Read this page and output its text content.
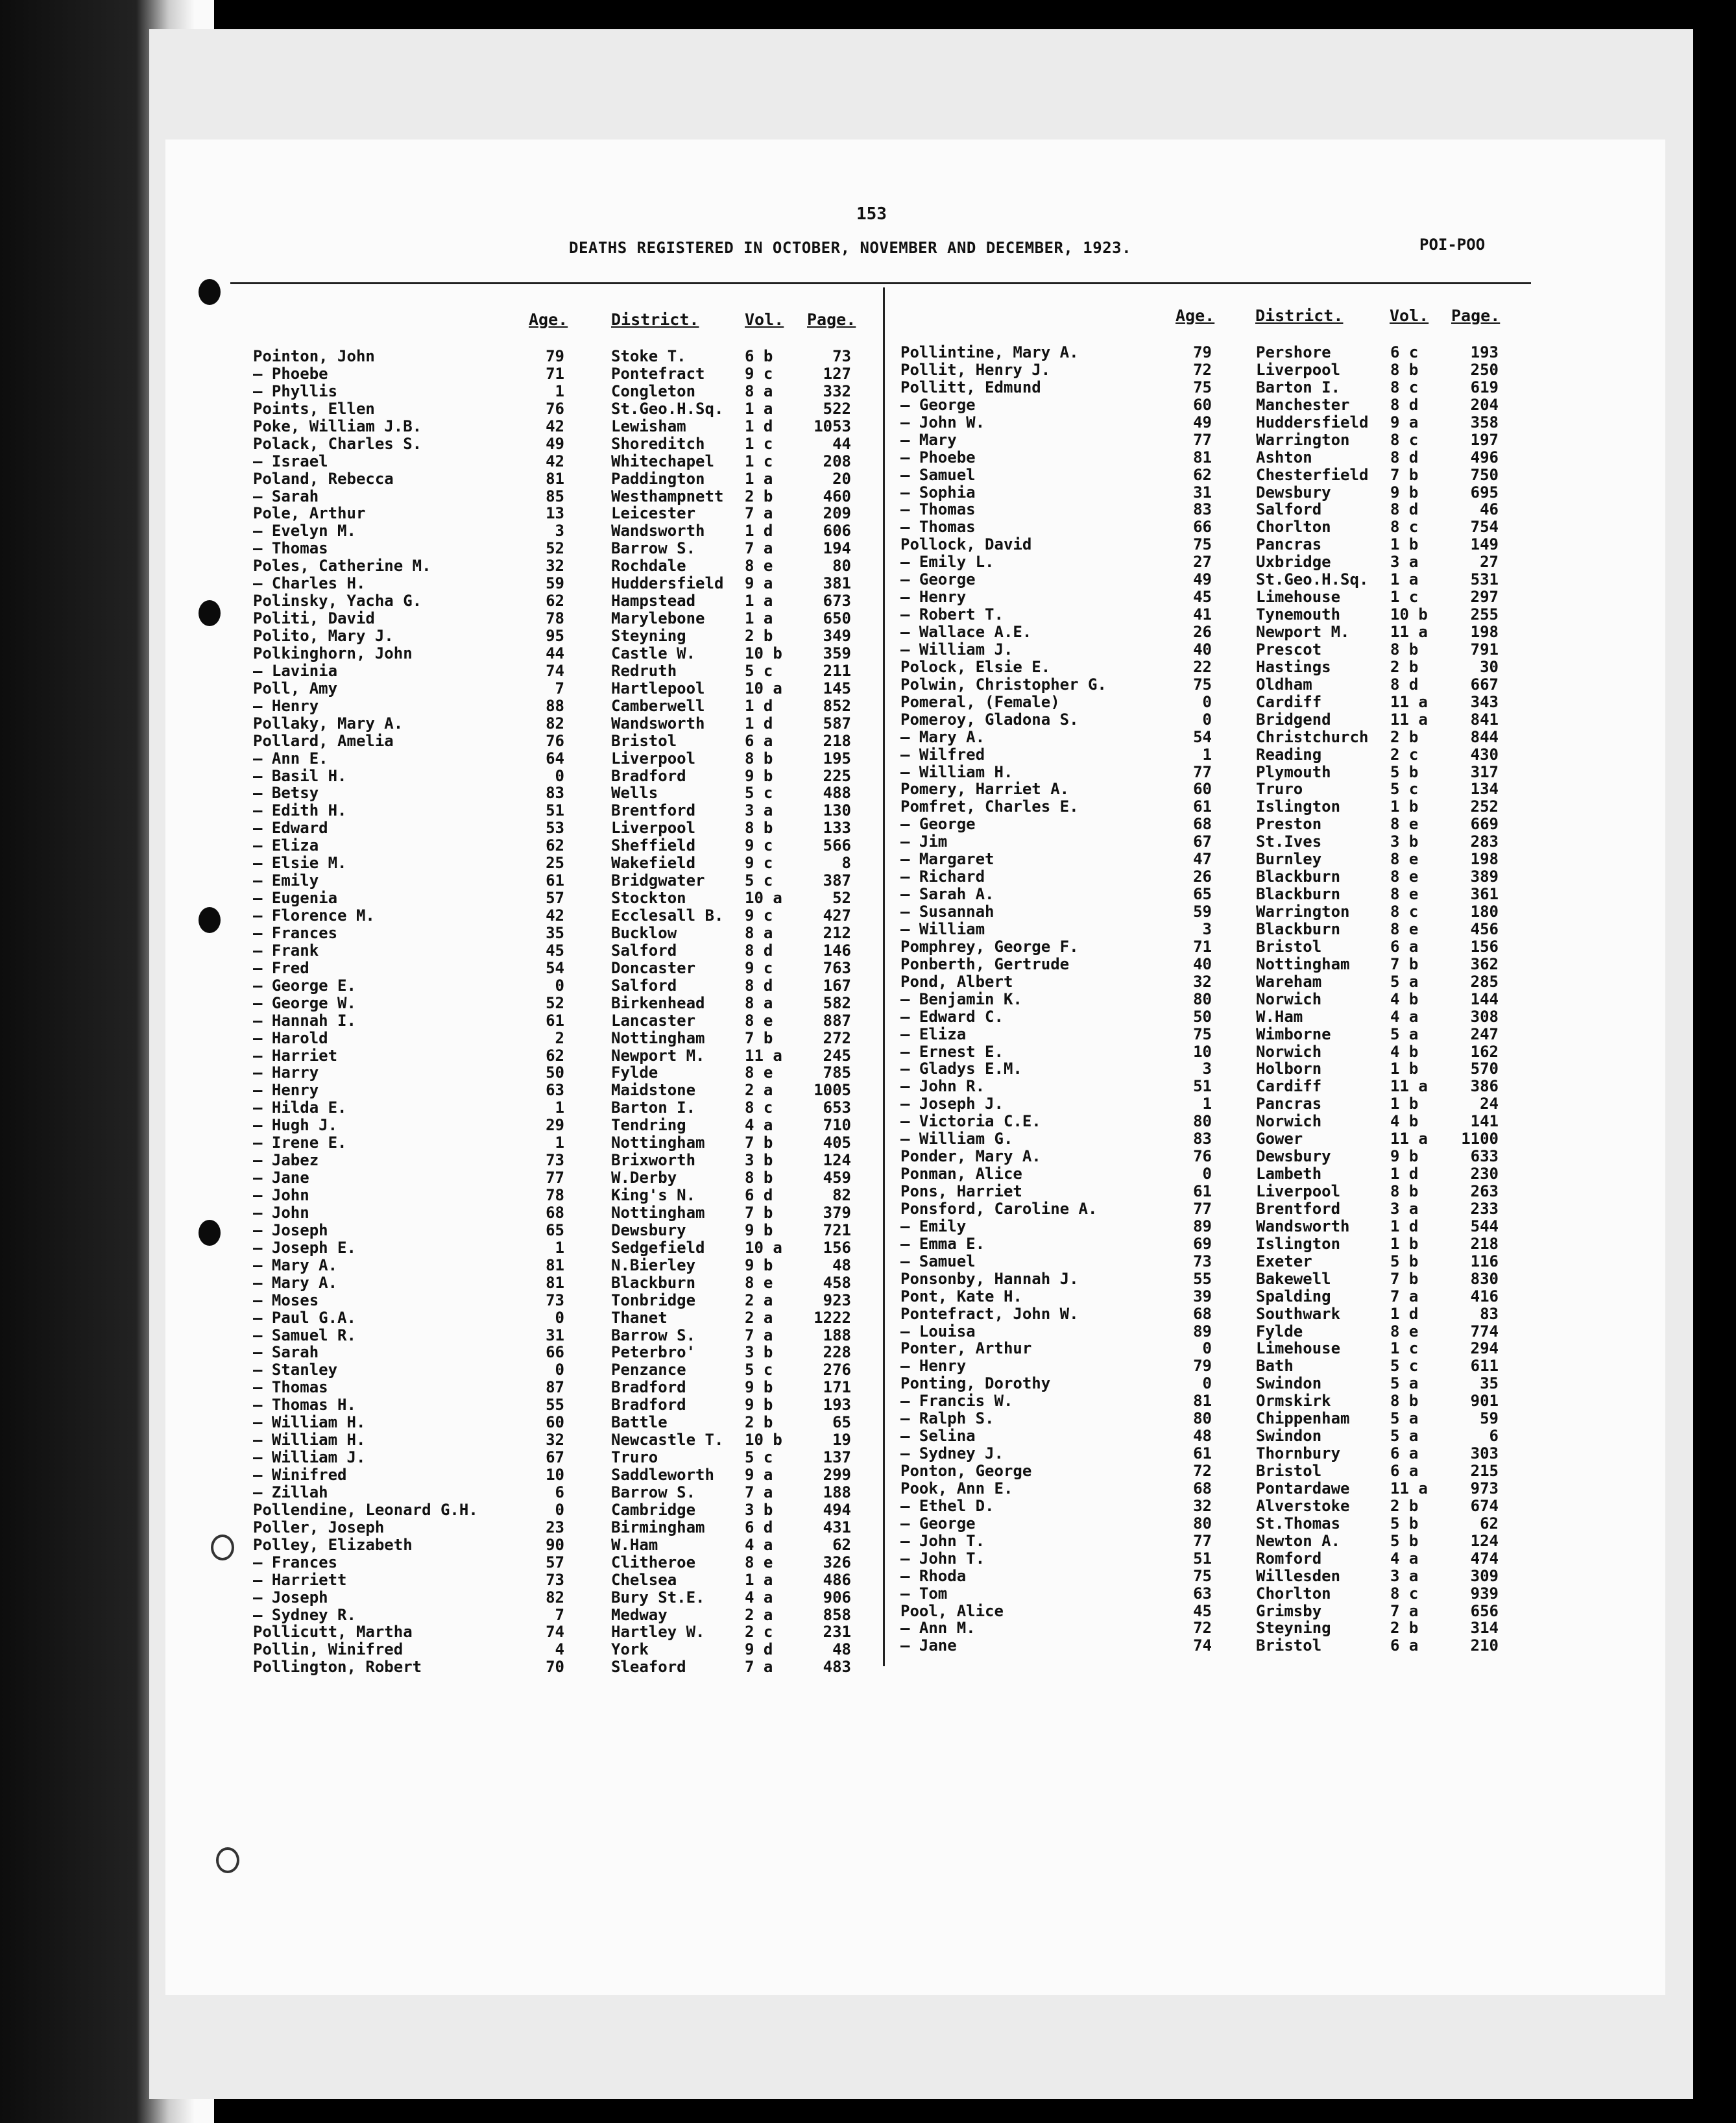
153
DEATHS REGISTERED IN OCTOBER, NOVEMBER AND DECEMBER, 1923.	POI-POO
Age.	District.	Vol. Page.	Age.	District.	Vol. Page.
Pointon, John	79	Stoke T.	6 b	73
— Phoebe	71	Pontefract	9 c	127
— Phyllis	1	Congleton	8 a	332
Points, Ellen	76	St.Geo.H.Sq. 1 a	522
Poke, William J.B.	42	Lewisham	1 d	1053
Polack, Charles S.	49	Shoreditch	1 c	44
— Israel	42	Whitechapel 1 c	208
Poland, Rebecca	81	Paddington	1 a	20
— Sarah	85	Westhampnett 2 b	460
Pole, Arthur	13	Leicester	7 a	209
— Evelyn M.	3	Wandsworth	1 d	606
— Thomas	52	Barrow S.	7 a	194
Poles, Catherine M.	32	Rochdale	8 e	80
— Charles H.	59	Huddersfield 9 a	381
Polinsky, Yacha G.	62	Hampstead	1 a	673
Politi, David	78	Marylebone	1 a	650
Polito, Mary J.	95	Steyning	2 b	349
Polkinghorn, John	44	Castle W.	10 b	359
— Lavinia	74	Redruth	5 c	211
Poll, Amy	7	Hartlepool	10 a	145
— Henry	88	Camberwell	1 d	852
Pollaky, Mary A.	82	Wandsworth	1 d	587
Pollard, Amelia	76	Bristol	6 a	218
— Ann E.	64	Liverpool	8 b	195
— Basil H.	0	Bradford	9 b	225
— Betsy	83	Wells	5 c	488
— Edith H.	51	Brentford	3 a	130
— Edward	53	Liverpool	8 b	133
— Eliza	62	Sheffield	9 c	566
— Elsie M.	25	Wakefield	9 c	8
— Emily	61	Bridgwater	5 c	387
— Eugenia	57	Stockton	10 a	52
— Florence M.	42	Ecclesall B. 9 c	427
— Frances	35	Bucklow	8 a	212
— Frank	45	Salford	8 d	146
— Fred	54	Doncaster	9 c	763
— George E.	0	Salford	8 d	167
— George W.	52	Birkenhead	8 a	582
— Hannah I.	61	Lancaster	8 e	887
— Harold	2	Nottingham	7 b	272
— Harriet	62	Newport M.	11 a	245
— Harry	50	Fylde	8 e	785
— Henry	63	Maidstone	2 a	1005
— Hilda E.	1	Barton I.	8 c	653
— Hugh J.	29	Tendring	4 a	710
— Irene E.	1	Nottingham	7 b	405
— Jabez	73	Brixworth	3 b	124
— Jane	77	W.Derby	8 b	459
— John	78	King's N.	6 d	82
— John	68	Nottingham	7 b	379
— Joseph	65	Dewsbury	9 b	721
— Joseph E.	1	Sedgefield	10 a	156
— Mary A.	81	N.Bierley	9 b	48
— Mary A.	81	Blackburn	8 e	458
— Moses	73	Tonbridge	2 a	923
— Paul G.A.	0	Thanet	2 a	1222
— Samuel R.	31	Barrow S.	7 a	188
— Sarah	66	Peterbro'	3 b	228
— Stanley	0	Penzance	5 c	276
— Thomas	87	Bradford	9 b	171
— Thomas H.	55	Bradford	9 b	193
— William H.	60	Battle	2 b	65
— William H.	32	Newcastle T. 10 b	19
— William J.	67	Truro	5 c	137
— Winifred	10	Saddleworth 9 a	299
— Zillah	6	Barrow S.	7 a	188
Pollendine, Leonard G.H.	0	Cambridge	3 b	494
Poller, Joseph	23	Birmingham	6 d	431
Polley, Elizabeth	90	W.Ham	4 a	62
— Frances	57	Clitheroe	8 e	326
— Harriett	73	Chelsea	1 a	486
— Joseph	82	Bury St.E.	4 a	906
— Sydney R.	7	Medway	2 a	858
Pollicutt, Martha	74	Hartley W.	2 c	231
Pollin, Winifred	4	York	9 d	48
Pollington, Robert	70	Sleaford	7 a	483
Pollintine, Mary A.	79	Pershore	6 c	193
Pollit, Henry J.	72	Liverpool	8 b	250
Pollitt, Edmund	75	Barton I.	8 c	619
— George	60	Manchester	8 d	204
— John W.	49	Huddersfield 9 a	358
— Mary	77	Warrington	8 c	197
— Phoebe	81	Ashton	8 d	496
— Samuel	62	Chesterfield 7 b	750
— Sophia	31	Dewsbury	9 b	695
— Thomas	83	Salford	8 d	46
— Thomas	66	Chorlton	8 c	754
Pollock, David	75	Pancras	1 b	149
— Emily L.	27	Uxbridge	3 a	27
— George	49	St.Geo.H.Sq. 1 a	531
— Henry	45	Limehouse	1 c	297
— Robert T.	41	Tynemouth	10 b	255
— Wallace A.E.	26	Newport M.	11 a	198
— William J.	40	Prescot	8 b	791
Polock, Elsie E.	22	Hastings	2 b	30
Polwin, Christopher G.	75	Oldham	8 d	667
Pomeral, (Female)	0	Cardiff	11 a	343
Pomeroy, Gladona S.	0	Bridgend	11 a	841
— Mary A.	54	Christchurch 2 b	844
— Wilfred	1	Reading	2 c	430
— William H.	77	Plymouth	5 b	317
Pomery, Harriet A.	60	Truro	5 c	134
Pomfret, Charles E.	61	Islington	1 b	252
— George	68	Preston	8 e	669
— Jim	67	St.Ives	3 b	283
— Margaret	47	Burnley	8 e	198
— Richard	26	Blackburn	8 e	389
— Sarah A.	65	Blackburn	8 e	361
— Susannah	59	Warrington	8 c	180
— William	3	Blackburn	8 e	456
Pomphrey, George F.	71	Bristol	6 a	156
Ponberth, Gertrude	40	Nottingham	7 b	362
Pond, Albert	32	Wareham	5 a	285
— Benjamin K.	80	Norwich	4 b	144
— Edward C.	50	W.Ham	4 a	308
— Eliza	75	Wimborne	5 a	247
— Ernest E.	10	Norwich	4 b	162
— Gladys E.M.	3	Holborn	1 b	570
— John R.	51	Cardiff	11 a	386
— Joseph J.	1	Pancras	1 b	24
— Victoria C.E.	80	Norwich	4 b	141
— William G.	83	Gower	11 a	1100
Ponder, Mary A.	76	Dewsbury	9 b	633
Ponman, Alice	0	Lambeth	1 d	230
Pons, Harriet	61	Liverpool	8 b	263
Ponsford, Caroline A.	77	Brentford	3 a	233
— Emily	89	Wandsworth	1 d	544
— Emma E.	69	Islington	1 b	218
— Samuel	73	Exeter	5 b	116
Ponsonby, Hannah J.	55	Bakewell	7 b	830
Pont, Kate H.	39	Spalding	7 a	416
Pontefract, John W.	68	Southwark	1 d	83
— Louisa	89	Fylde	8 e	774
Ponter, Arthur	0	Limehouse	1 c	294
— Henry	79	Bath	5 c	611
Ponting, Dorothy	0	Swindon	5 a	35
— Francis W.	81	Ormskirk	8 b	901
— Ralph S.	80	Chippenham	5 a	59
— Selina	48	Swindon	5 a	6
— Sydney J.	61	Thornbury	6 a	303
Ponton, George	72	Bristol	6 a	215
Pook, Ann E.	68	Pontardawe	11 a	973
— Ethel D.	32	Alverstoke	2 b	674
— George	80	St.Thomas	5 b	62
— John T.	77	Newton A.	5 b	124
— John T.	51	Romford	4 a	474
— Rhoda	75	Willesden	3 a	309
— Tom	63	Chorlton	8 c	939
Pool, Alice	45	Grimsby	7 a	656
— Ann M.	72	Steyning	2 b	314
— Jane	74	Bristol	6 a	210
